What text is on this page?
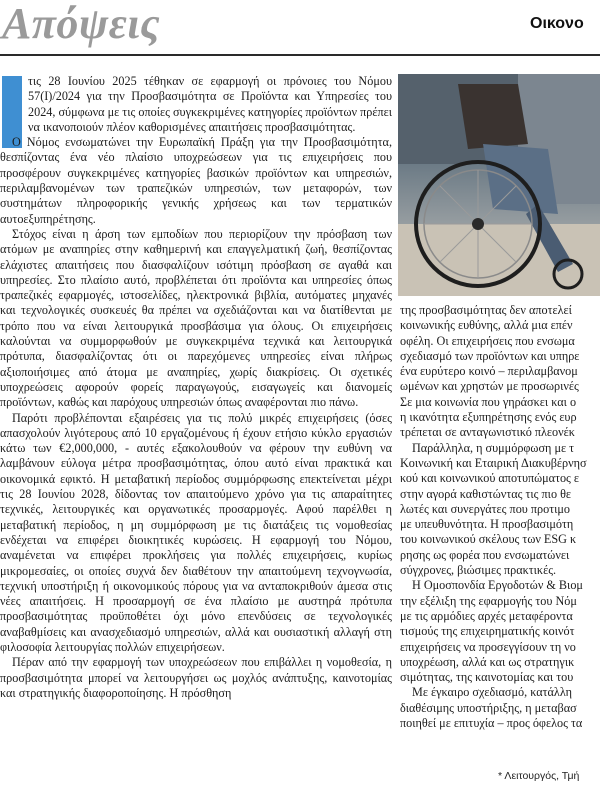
Απόψεις	Οικονο

τις 28 Ιουνίου 2025 τέθηκαν σε εφαρμογή οι πρόνοιες του Νόμου 57(Ι)/2024 για την Προσβασιμότητα σε Προϊόντα και Υπηρεσίες του 2024, σύμφωνα με τις οποίες συγκεκριμένες κατηγορίες προϊόντων πρέπει να ικανοποιούν πλέον καθορισμένες απαιτήσεις προσβασιμότητας.

Ο Νόμος ενσωματώνει την Ευρωπαϊκή Πράξη για την Προσβασιμότητα, θεσπίζοντας ένα νέο πλαίσιο υποχρεώσεων για τις επιχειρήσεις που προσφέρουν συγκεκριμένες κατηγορίες βασικών προϊόντων και υπηρεσιών, περιλαμβανομένων των τραπεζικών υπηρεσιών, των μεταφορών, των συστημάτων πληροφορικής γενικής χρήσεως και των τερματικών αυτοεξυπηρέτησης.

Στόχος είναι η άρση των εμποδίων που περιορίζουν την πρόσβαση των ατόμων με αναπηρίες στην καθημερινή και επαγγελματική ζωή, θεσπίζοντας ελάχιστες απαιτήσεις που διασφαλίζουν ισότιμη πρόσβαση σε αγαθά και υπηρεσίες. Στο πλαίσιο αυτό, προβλέπεται ότι προϊόντα και υπηρεσίες όπως τραπεζικές εφαρμογές, ιστοσελίδες, ηλεκτρονικά βιβλία, αυτόματες μηχανές και τεχνολογικές συσκευές θα πρέπει να σχεδιάζονται και να διατίθενται με τρόπο που να είναι λειτουργικά προσβάσιμα για όλους. Οι επιχειρήσεις καλούνται να συμμορφωθούν με συγκεκριμένα τεχνικά και λειτουργικά πρότυπα, διασφαλίζοντας ότι οι παρεχόμενες υπηρεσίες είναι πλήρως αξιοποιήσιμες από άτομα με αναπηρίες, χωρίς διακρίσεις. Οι σχετικές υποχρεώσεις αφορούν φορείς παραγωγούς, εισαγωγείς και διανομείς προϊόντων, καθώς και παρόχους υπηρεσιών όπως αναφέρονται πιο πάνω.

Παρότι προβλέπονται εξαιρέσεις για τις πολύ μικρές επιχειρήσεις (όσες απασχολούν λιγότερους από 10 εργαζομένους ή έχουν ετήσιο κύκλο εργασιών κάτω των €2,000,000, - αυτές εξακολουθούν να φέρουν την ευθύνη να λαμβάνουν εύλογα μέτρα προσβασιμότητας, όπου αυτό είναι πρακτικά και οικονομικά εφικτό. Η μεταβατική περίοδος συμμόρφωσης επεκτείνεται μέχρι τις 28 Ιουνίου 2028, δίδοντας τον απαιτούμενο χρόνο για τις απαραίτητες τεχνικές, λειτουργικές και οργανωτικές προσαρμογές. Αφού παρέλθει η μεταβατική περίοδος, η μη συμμόρφωση με τις διατάξεις τις νομοθεσίας ενδέχεται να επιφέρει διοικητικές κυρώσεις. Η εφαρμογή του Νόμου, αναμένεται να επιφέρει προκλήσεις για πολλές επιχειρήσεις, κυρίως μικρομεσαίες, οι οποίες συχνά δεν διαθέτουν την απαιτούμενη τεχνογνωσία, τεχνική υποστήριξη ή οικονομικούς πόρους για να ανταποκριθούν άμεσα στις νέες απαιτήσεις. Η προσαρμογή σε ένα πλαίσιο με αυστηρά πρότυπα προσβασιμότητας προϋποθέτει όχι μόνο επενδύσεις σε τεχνολογικές αναβαθμίσεις και ανασχεδιασμό υπηρεσιών, αλλά και ουσιαστική αλλαγή στη φιλοσοφία λειτουργίας πολλών επιχειρήσεων.

Πέραν από την εφαρμογή των υποχρεώσεων που επιβάλλει η νομοθεσία, η προσβασιμότητα μπορεί να λειτουργήσει ως μοχλός ανάπτυξης, καινοτομίας και στρατηγικής διαφοροποίησης. Η πρόσθηση

της προσβασιμότητας δεν αποτελεί

κοινωνικής ευθύνης, αλλά μια επέν

οφέλη. Οι επιχειρήσεις που ενσωμα

σχεδιασμό των προϊόντων και υπηρε

ένα ευρύτερο κοινό – περιλαμβανομ

ωμένων και χρηστών με προσωρινές

Σε μια κοινωνία που γηράσκει και ο

η ικανότητα εξυπηρέτησης ενός ευρ

τρέπεται σε ανταγωνιστικό πλεονέκ

Παράλληλα, η συμμόρφωση με τ

Κοινωνική και Εταιρική Διακυβέρνησ

κού και κοινωνικού αποτυπώματος ε

στην αγορά καθιστώντας τις πιο θε

λωτές και συνεργάτες που προτιμο

με υπευθυνότητα. Η προσβασιμότη

του κοινωνικού σκέλους των ESG κ

ρησης ως φορέα που ενσωματώνει

σύγχρονες, βιώσιμες πρακτικές.

Η Ομοσπονδία Εργοδοτών & Βιομ

την εξέλιξη της εφαρμογής του Νόμ

με τις αρμόδιες αρχές μεταφέροντα

τισμούς της επιχειρηματικής κοινότ

επιχειρήσεις να προσεγγίσουν τη νο

υποχρέωση, αλλά και ως στρατηγικ

σιμότητας, της καινοτομίας και του

Με έγκαιρο σχεδιασμό, κατάλλη

διαθέσιμης υποστήριξης, η μεταβασ

ποιηθεί με επιτυχία – προς όφελος τα

* Λειτουργός, Τμή
